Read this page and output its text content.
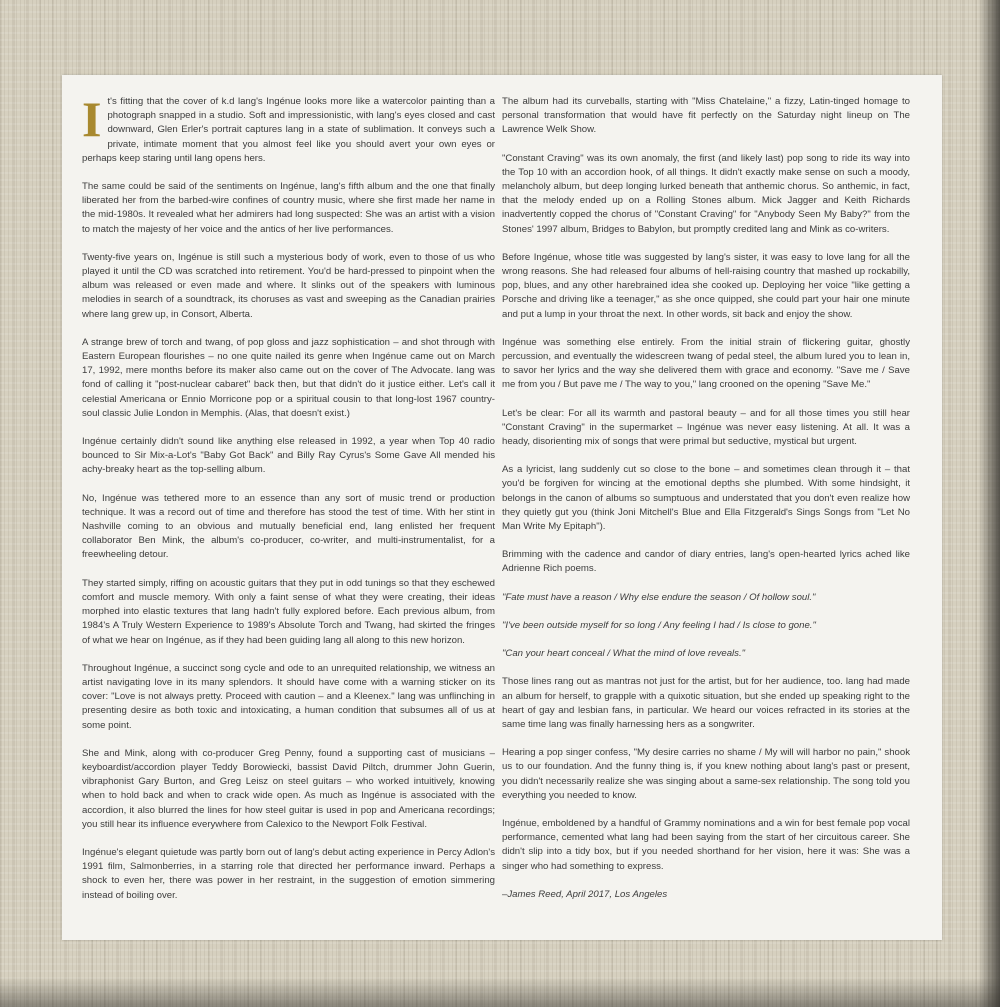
It's fitting that the cover of k.d lang's Ingénue looks more like a watercolor painting than a photograph snapped in a studio. Soft and impressionistic, with lang's eyes closed and cast downward, Glen Erler's portrait captures lang in a state of sublimation. It conveys such a private, intimate moment that you almost feel like you should avert your own eyes or perhaps keep staring until lang opens hers.

The same could be said of the sentiments on Ingénue, lang's fifth album and the one that finally liberated her from the barbed-wire confines of country music, where she first made her name in the mid-1980s. It revealed what her admirers had long suspected: She was an artist with a vision to match the majesty of her voice and the antics of her live performances.

Twenty-five years on, Ingénue is still such a mysterious body of work, even to those of us who played it until the CD was scratched into retirement. You'd be hard-pressed to pinpoint when the album was released or even made and where. It slinks out of the speakers with luminous melodies in search of a soundtrack, its choruses as vast and sweeping as the Canadian prairies where lang grew up, in Consort, Alberta.

A strange brew of torch and twang, of pop gloss and jazz sophistication – and shot through with Eastern European flourishes – no one quite nailed its genre when Ingénue came out on March 17, 1992, mere months before its maker also came out on the cover of The Advocate. lang was fond of calling it "post-nuclear cabaret" back then, but that didn't do it justice either. Let's call it celestial Americana or Ennio Morricone pop or a spiritual cousin to that long-lost 1967 country-soul classic Julie London in Memphis. (Alas, that doesn't exist.)

Ingénue certainly didn't sound like anything else released in 1992, a year when Top 40 radio bounced to Sir Mix-a-Lot's "Baby Got Back" and Billy Ray Cyrus's Some Gave All mended his achy-breaky heart as the top-selling album.

No, Ingénue was tethered more to an essence than any sort of music trend or production technique. It was a record out of time and therefore has stood the test of time. With her stint in Nashville coming to an obvious and mutually beneficial end, lang enlisted her frequent collaborator Ben Mink, the album's co-producer, co-writer, and multi-instrumentalist, for a freewheeling detour.

They started simply, riffing on acoustic guitars that they put in odd tunings so that they eschewed comfort and muscle memory. With only a faint sense of what they were creating, their ideas morphed into elastic textures that lang hadn't fully explored before. Each previous album, from 1984's A Truly Western Experience to 1989's Absolute Torch and Twang, had skirted the fringes of what we hear on Ingénue, as if they had been guiding lang all along to this new horizon.

Throughout Ingénue, a succinct song cycle and ode to an unrequited relationship, we witness an artist navigating love in its many splendors. It should have come with a warning sticker on its cover: "Love is not always pretty. Proceed with caution – and a Kleenex." lang was unflinching in presenting desire as both toxic and intoxicating, a human condition that subsumes all of us at some point.

She and Mink, along with co-producer Greg Penny, found a supporting cast of musicians – keyboardist/accordion player Teddy Borowiecki, bassist David Piltch, drummer John Guerin, vibraphonist Gary Burton, and Greg Leisz on steel guitars – who worked intuitively, knowing when to hold back and when to crack wide open. As much as Ingénue is associated with the accordion, it also blurred the lines for how steel guitar is used in pop and Americana recordings; you still hear its influence everywhere from Calexico to the Newport Folk Festival.

Ingénue's elegant quietude was partly born out of lang's debut acting experience in Percy Adlon's 1991 film, Salmonberries, in a starring role that directed her performance inward. Perhaps a shock to even her, there was power in her restraint, in the suggestion of emotion simmering instead of boiling over.

The album had its curveballs, starting with "Miss Chatelaine," a fizzy, Latin-tinged homage to personal transformation that would have fit perfectly on the Saturday night lineup on The Lawrence Welk Show.

"Constant Craving" was its own anomaly, the first (and likely last) pop song to ride its way into the Top 10 with an accordion hook, of all things. It didn't exactly make sense on such a moody, melancholy album, but deep longing lurked beneath that anthemic chorus. So anthemic, in fact, that the melody ended up on a Rolling Stones album. Mick Jagger and Keith Richards inadvertently copped the chorus of "Constant Craving" for "Anybody Seen My Baby?" from the Stones' 1997 album, Bridges to Babylon, but promptly credited lang and Mink as co-writers.

Before Ingénue, whose title was suggested by lang's sister, it was easy to love lang for all the wrong reasons. She had released four albums of hell-raising country that mashed up rockabilly, pop, blues, and any other harebrained idea she cooked up. Deploying her voice "like getting a Porsche and driving like a teenager," as she once quipped, she could part your hair one minute and put a lump in your throat the next. In other words, sit back and enjoy the show.

Ingénue was something else entirely. From the initial strain of flickering guitar, ghostly percussion, and eventually the widescreen twang of pedal steel, the album lured you to lean in, to savor her lyrics and the way she delivered them with grace and economy. "Save me / Save me from you / But pave me / The way to you," lang crooned on the opening "Save Me."

Let's be clear: For all its warmth and pastoral beauty – and for all those times you still hear "Constant Craving" in the supermarket – Ingénue was never easy listening. At all. It was a heady, disorienting mix of songs that were primal but seductive, mystical but urgent.

As a lyricist, lang suddenly cut so close to the bone – and sometimes clean through it – that you'd be forgiven for wincing at the emotional depths she plumbed. With some hindsight, it belongs in the canon of albums so sumptuous and understated that you don't even realize how they quietly gut you (think Joni Mitchell's Blue and Ella Fitzgerald's Sings Songs from "Let No Man Write My Epitaph").

Brimming with the cadence and candor of diary entries, lang's open-hearted lyrics ached like Adrienne Rich poems.

"Fate must have a reason / Why else endure the season / Of hollow soul."

"I've been outside myself for so long / Any feeling I had / Is close to gone."

"Can your heart conceal / What the mind of love reveals."

Those lines rang out as mantras not just for the artist, but for her audience, too. lang had made an album for herself, to grapple with a quixotic situation, but she ended up speaking right to the heart of gay and lesbian fans, in particular. We heard our voices refracted in its stories at the same time lang was finally harnessing hers as a songwriter.

Hearing a pop singer confess, "My desire carries no shame / My will will harbor no pain," shook us to our foundation. And the funny thing is, if you knew nothing about lang's past or present, you didn't necessarily realize she was singing about a same-sex relationship. The song told you everything you needed to know.

Ingénue, emboldened by a handful of Grammy nominations and a win for best female pop vocal performance, cemented what lang had been saying from the start of her circuitous career. She didn't slip into a tidy box, but if you needed shorthand for her vision, here it was: She was a singer who had something to express.

–James Reed, April 2017, Los Angeles
